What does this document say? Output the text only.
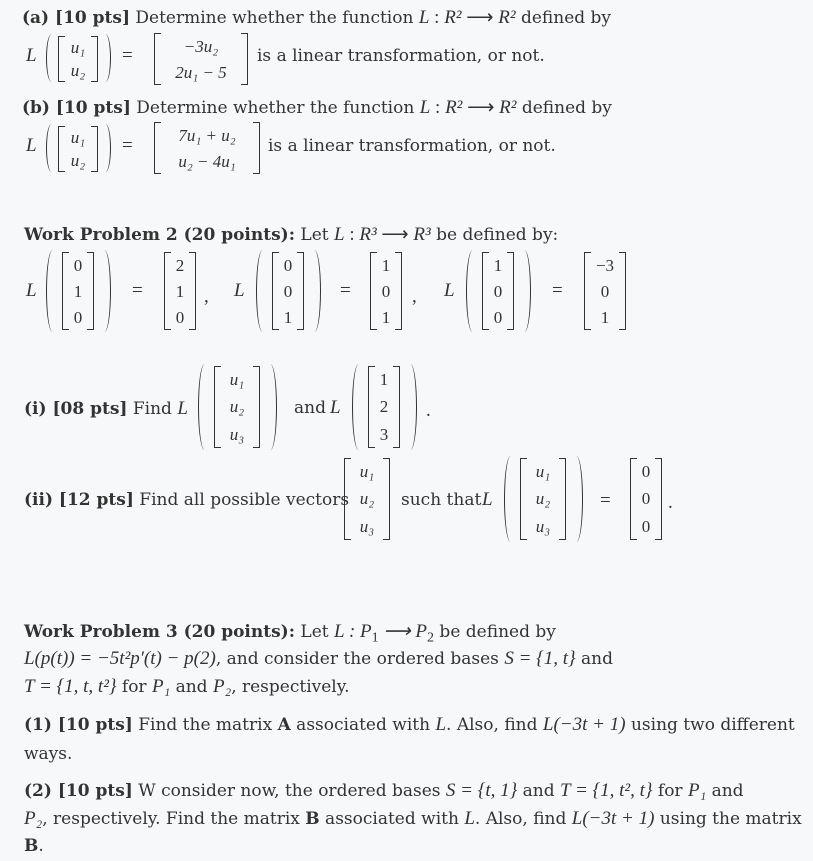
(a) [10 pts] Determine whether the function L : R² ⟶ R² defined by
L u₁
u₂
=	−3u₂
2u₁ − 5
is a linear transformation, or not.
(b) [10 pts] Determine whether the function L : R² ⟶ R² defined by
L u₁
u₂
=	7u₁ + u₂
u₂ − 4u₁
is a linear transformation, or not.
Work Problem 2 (20 points): Let L : R³ ⟶ R³ be defined by:
L
0
1
0
=
2
1
0
, L
0
0
1
=
1
0
1
, L
1
0
0
=
−3
0
1
(i) [08 pts] Find L
u₁
u₂
u₃
and L
1
2
3
.
(ii) [12 pts] Find all possible vectors
u₁
u₂
u₃
such that L
u₁
u₂
u₃
=
0
0
0
.
Work Problem 3 (20 points): Let L : $P_1$ ⟶ $P_2$ be defined by
L(p(t)) = −5t²p′(t) − p(2), and consider the ordered bases S = {1, t} and
T = {1, t, t²} for P₁ and P₂, respectively.
(1) [10 pts] Find the matrix A associated with L. Also, find L(−3t + 1) using two different
ways.
(2) [10 pts] W consider now, the ordered bases S = {t, 1} and T = {1, t², t} for P₁ and
P₂, respectively. Find the matrix B associated with L. Also, find L(−3t + 1) using the matrix
B.
